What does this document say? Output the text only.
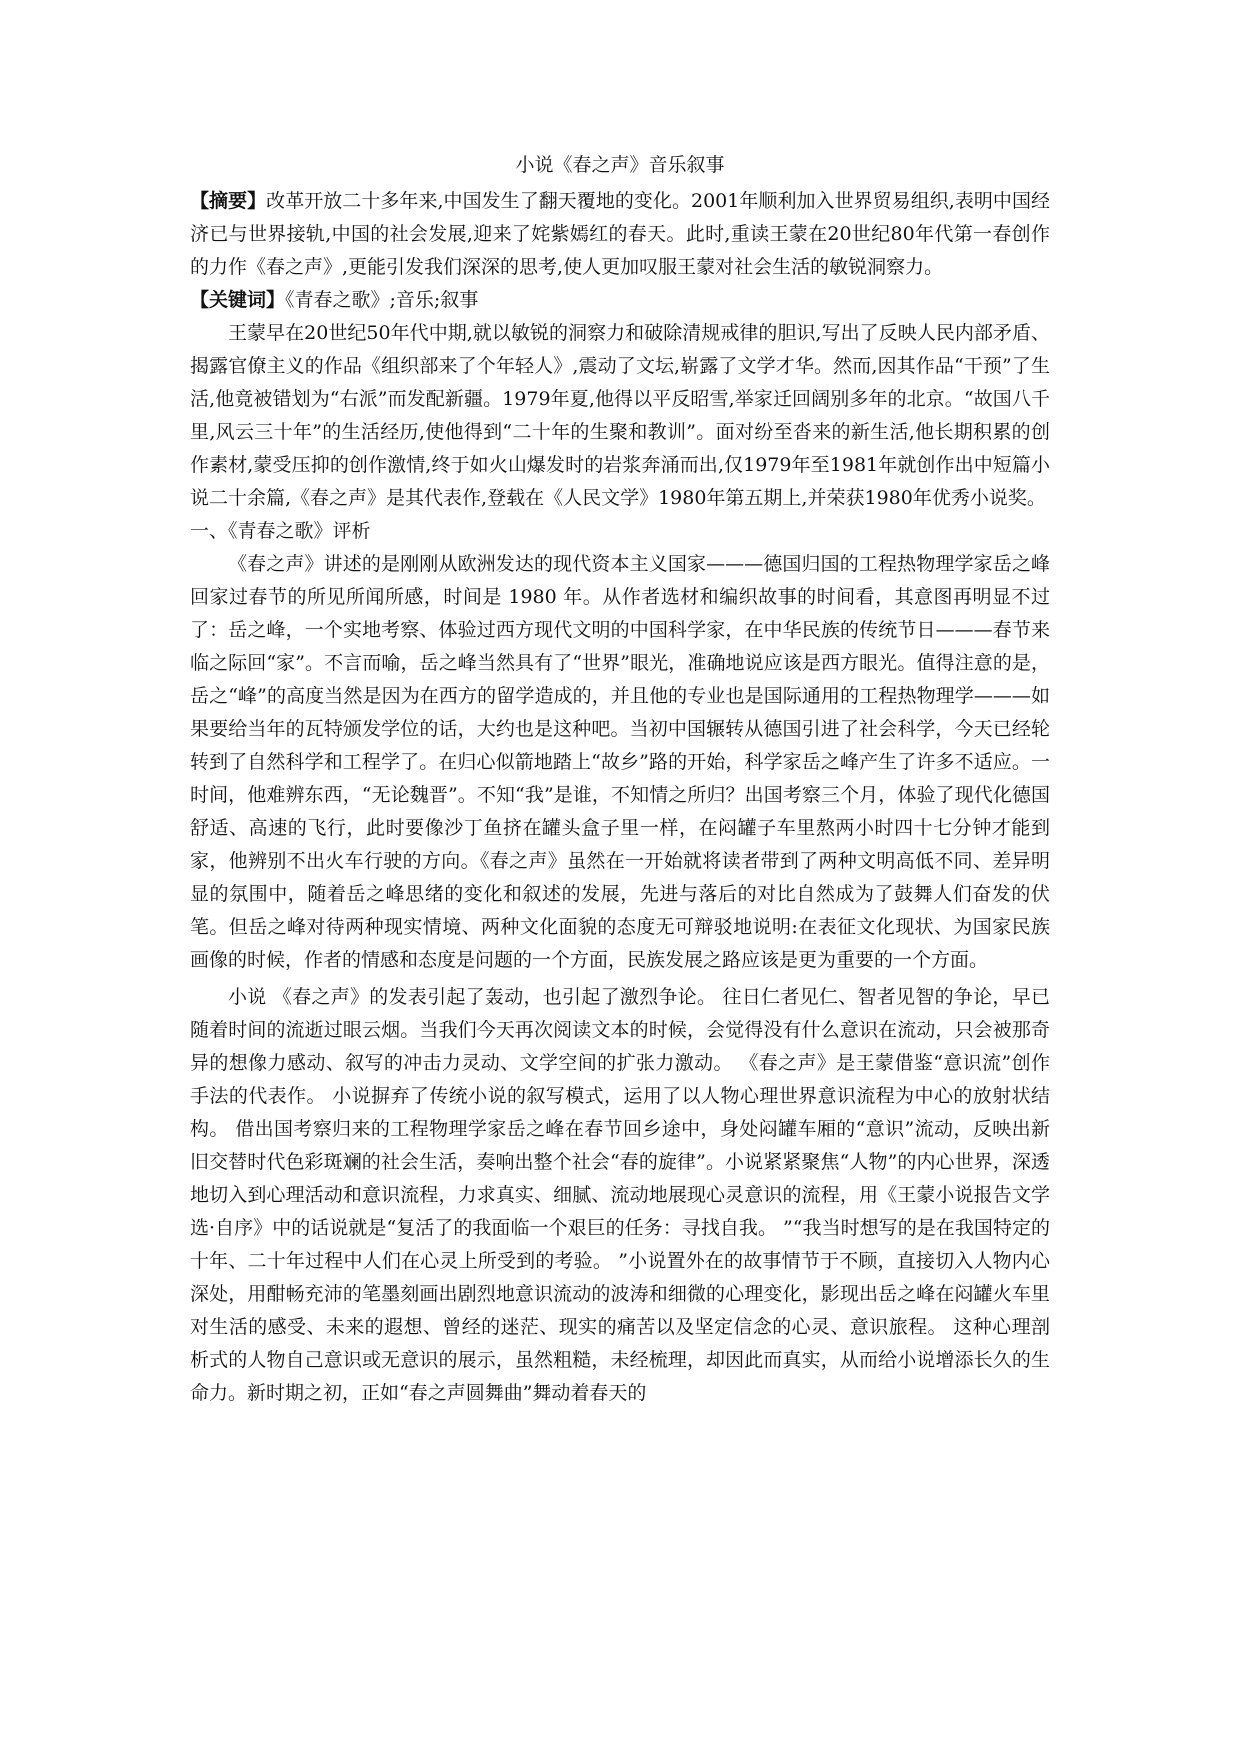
小说《春之声》音乐叙事

【摘要】改革开放二十多年来,中国发生了翻天覆地的变化。2001年顺利加入世界贸易组织,表明中国经济已与世界接轨,中国的社会发展,迎来了姹紫嫣红的春天。此时,重读王蒙在20世纪80年代第一春创作的力作《春之声》,更能引发我们深深的思考,使人更加叹服王蒙对社会生活的敏锐洞察力。

【关键词】《青春之歌》;音乐;叙事

王蒙早在20世纪50年代中期,就以敏锐的洞察力和破除清规戒律的胆识,写出了反映人民内部矛盾、揭露官僚主义的作品《组织部来了个年轻人》,震动了文坛,崭露了文学才华。然而,因其作品“干预”了生活,他竟被错划为“右派”而发配新疆。1979年夏,他得以平反昭雪,举家迁回阔别多年的北京。“故国八千里,风云三十年”的生活经历,使他得到“二十年的生聚和教训”。面对纷至沓来的新生活,他长期积累的创作素材,蒙受压抑的创作激情,终于如火山爆发时的岩浆奔涌而出,仅1979年至1981年就创作出中短篇小说二十余篇,《春之声》是其代表作,登载在《人民文学》1980年第五期上,并荣获1980年优秀小说奖。

一、《青春之歌》评析

《春之声》讲述的是刚刚从欧洲发达的现代资本主义国家———德国归国的工程热物理学家岳之峰回家过春节的所见所闻所感，时间是 1980 年。从作者选材和编织故事的时间看，其意图再明显不过了：岳之峰，一个实地考察、体验过西方现代文明的中国科学家，在中华民族的传统节日———春节来临之际回“家”。不言而喻，岳之峰当然具有了“世界”眼光，准确地说应该是西方眼光。值得注意的是，岳之“峰”的高度当然是因为在西方的留学造成的，并且他的专业也是国际通用的工程热物理学———如果要给当年的瓦特颁发学位的话，大约也是这种吧。当初中国辗转从德国引进了社会科学，今天已经轮转到了自然科学和工程学了。在归心似箭地踏上“故乡”路的开始，科学家岳之峰产生了许多不适应。一时间，他难辨东西，“无论魏晋”。不知“我”是谁，不知情之所归？出国考察三个月，体验了现代化德国舒适、高速的飞行，此时要像沙丁鱼挤在罐头盒子里一样，在闷罐子车里熬两小时四十七分钟才能到家，他辨别不出火车行驶的方向。《春之声》虽然在一开始就将读者带到了两种文明高低不同、差异明显的氛围中，随着岳之峰思绪的变化和叙述的发展，先进与落后的对比自然成为了鼓舞人们奋发的伏笔。但岳之峰对待两种现实情境、两种文化面貌的态度无可辩驳地说明:在表征文化现状、为国家民族画像的时候，作者的情感和态度是问题的一个方面，民族发展之路应该是更为重要的一个方面。

小说 《春之声》的发表引起了轰动，也引起了激烈争论。 往日仁者见仁、智者见智的争论，早已随着时间的流逝过眼云烟。当我们今天再次阅读文本的时候，会觉得没有什么意识在流动，只会被那奇异的想像力感动、叙写的冲击力灵动、文学空间的扩张力激动。 《春之声》是王蒙借鉴“意识流”创作手法的代表作。 小说摒弃了传统小说的叙写模式，运用了以人物心理世界意识流程为中心的放射状结构。 借出国考察归来的工程物理学家岳之峰在春节回乡途中，身处闷罐车厢的“意识”流动，反映出新旧交替时代色彩斑斓的社会生活，奏响出整个社会“春的旋律”。小说紧紧聚焦“人物”的内心世界，深透地切入到心理活动和意识流程，力求真实、细腻、流动地展现心灵意识的流程，用《王蒙小说报告文学选·自序》中的话说就是“复活了的我面临一个艰巨的任务：寻找自我。 ”“我当时想写的是在我国特定的十年、二十年过程中人们在心灵上所受到的考验。 ”小说置外在的故事情节于不顾，直接切入人物内心深处，用酣畅充沛的笔墨刻画出剧烈地意识流动的波涛和细微的心理变化，影现出岳之峰在闷罐火车里对生活的感受、未来的遐想、曾经的迷茫、现实的痛苦以及坚定信念的心灵、意识旅程。 这种心理剖析式的人物自己意识或无意识的展示，虽然粗糙，未经梳理，却因此而真实，从而给小说增添长久的生命力。新时期之初，正如“春之声圆舞曲”舞动着春天的
